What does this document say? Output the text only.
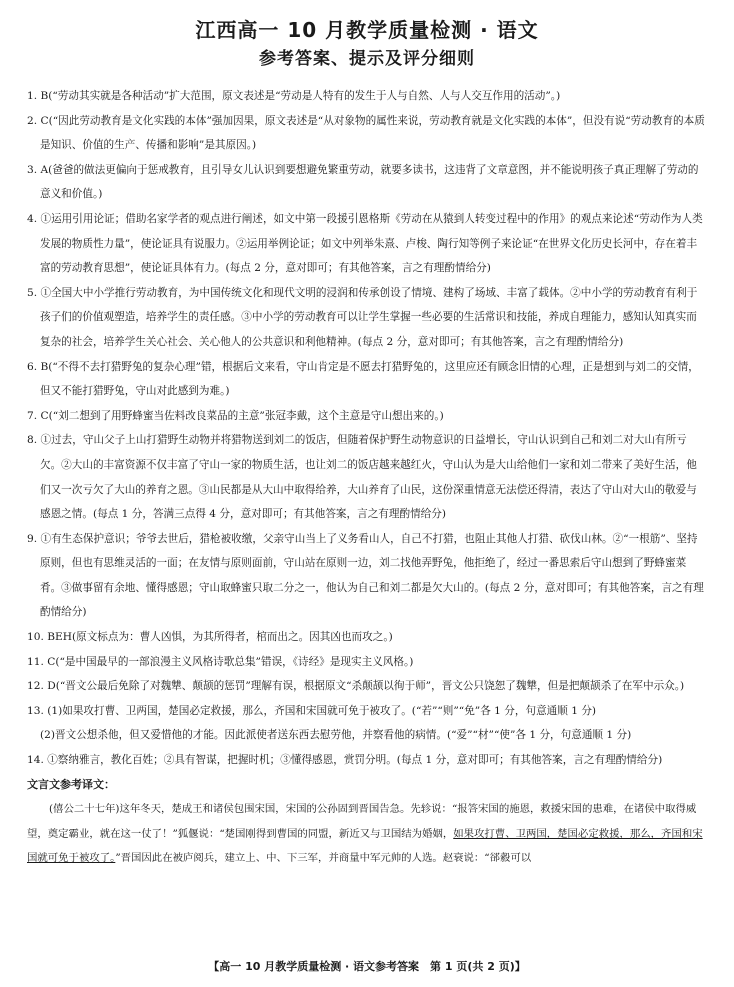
江西高一 10 月教学质量检测 · 语文
参考答案、提示及评分细则
1. B(“劳动其实就是各种活动”扩大范围，原文表述是“劳动是人特有的发生于人与自然、人与人交互作用的活动”。)
2. C(“因此劳动教育是文化实践的本体”强加因果，原文表述是“从对象物的属性来说，劳动教育就是文化实践的本体”，但没有说“劳动教育的本质是知识、价值的生产、传播和影响”是其原因。)
3. A(爸爸的做法更偏向于惩戒教育，且引导女儿认识到要想避免繁重劳动，就要多读书，这违背了文章意图，并不能说明孩子真正理解了劳动的意义和价值。)
4. ①运用引用论证；借助名家学者的观点进行阐述，如文中第一段援引恩格斯《劳动在从猿到人转变过程中的作用》的观点来论述“劳动作为人类发展的物质性力量”，使论证具有说服力。②运用举例论证；如文中列举朱熹、卢梭、陶行知等例子来论证“在世界文化历史长河中，存在着丰富的劳动教育思想”，使论证具体有力。(每点 2 分，意对即可；有其他答案，言之有理酌情给分)
5. ①全国大中小学推行劳动教育，为中国传统文化和现代文明的浸润和传承创设了情境、建构了场域、丰富了载体。②中小学的劳动教育有利于孩子们的价值观塑造，培养学生的责任感。③中小学的劳动教育可以让学生掌握一些必要的生活常识和技能，养成自理能力，感知认知真实而复杂的社会，培养学生关心社会、关心他人的公共意识和利他精神。(每点 2 分，意对即可；有其他答案，言之有理酌情给分)
6. B(“不得不去打猎野兔的复杂心理”错，根据后文来看，守山肯定是不愿去打猎野兔的，这里应还有顾念旧情的心理，正是想到与刘二的交情，但又不能打猎野兔，守山对此感到为难。)
7. C(“刘二想到了用野蜂蜜当佐料改良菜品的主意”张冠李戴，这个主意是守山想出来的。)
8. ①过去，守山父子上山打猎野生动物并将猎物送到刘二的饭店，但随着保护野生动物意识的日益增长，守山认识到自己和刘二对大山有所亏欠。②大山的丰富资源不仅丰富了守山一家的物质生活，也让刘二的饭店越来越红火，守山认为是大山给他们一家和刘二带来了美好生活，他们又一次亏欠了大山的养育之恩。③山民都是从大山中取得给养，大山养育了山民，这份深重情意无法偿还得清，表达了守山对大山的敬爱与感恩之情。(每点 1 分，答满三点得 4 分，意对即可；有其他答案，言之有理酌情给分)
9. ①有生态保护意识；爷爷去世后，猎枪被收缴，父亲守山当上了义务看山人，自己不打猎，也阻止其他人打猎、砍伐山林。②“一根筋”、坚持原则，但也有思维灵活的一面；在友情与原则面前，守山站在原则一边，刘二找他弄野兔，他拒绝了，经过一番思索后守山想到了野蜂蜜菜肴。③做事留有余地、懂得感恩；守山取蜂蜜只取二分之一，他认为自己和刘二都是欠大山的。(每点 2 分，意对即可；有其他答案，言之有理酌情给分)
10. BEH(原文标点为：曹人凶惧，为其所得者，棺而出之。因其凶也而攻之。)
11. C(“是中国最早的一部浪漫主义风格诗歌总集”错误，《诗经》是现实主义风格。)
12. D(“晋文公最后免除了对魏犨、颠颉的惩罚”理解有误，根据原文“杀颠颉以徇于师”，晋文公只饶恕了魏犨，但是把颠颉杀了在军中示众。)
13. (1)如果攻打曹、卫两国，楚国必定救援，那么，齐国和宋国就可免于被攻了。(“若”“则”“免”各 1 分，句意通顺 1 分)
(2)晋文公想杀他，但又爱惜他的才能。因此派使者送东西去慰劳他，并察看他的病情。(“爱”“材”“使”各 1 分，句意通顺 1 分)
14. ①察纳雅言，教化百姓；②具有智谋，把握时机；③懂得感恩，赏罚分明。(每点 1 分，意对即可；有其他答案，言之有理酌情给分)
文言文参考译文：
(僖公二十七年)这年冬天，楚成王和诸侯包围宋国，宋国的公孙固到晋国告急。先轸说：“报答宋国的施恩，救援宋国的患难，在诸侯中取得威望，奠定霸业，就在这一仗了！”狐偃说：“楚国刚得到曹国的同盟，新近又与卫国结为婚姻，如果攻打曹、卫两国，楚国必定救援，那么，齐国和宋国就可免于被攻了。”晋国因此在被庐阅兵，建立上、中、下三军，并商量中军元帅的人选。赵衰说：“郤縠可以
【高一 10 月教学质量检测 · 语文参考答案　第 1 页(共 2 页)】
